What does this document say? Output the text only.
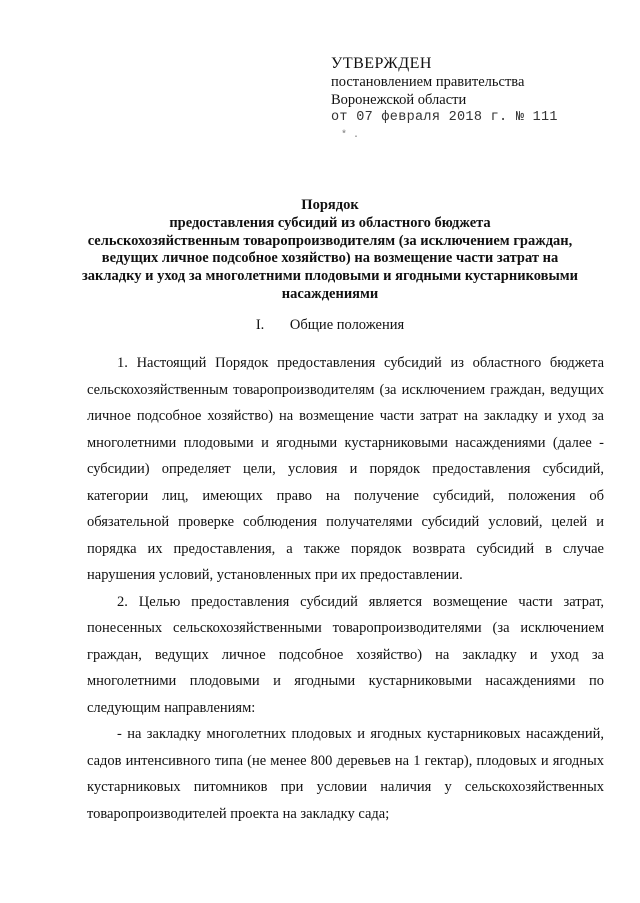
УТВЕРЖДЕН
постановлением правительства
Воронежской области
от 07 февраля 2018 г. № 111
* .
Порядок
предоставления субсидий из областного бюджета
сельскохозяйственным товаропроизводителям (за исключением граждан,
ведущих личное подсобное хозяйство) на возмещение части затрат на
закладку и уход за многолетними плодовыми и ягодными кустарниковыми
насаждениями
I. Общие положения

1. Настоящий Порядок предоставления субсидий из областного бюджета сельскохозяйственным товаропроизводителям (за исключением граждан, ведущих личное подсобное хозяйство) на возмещение части затрат на закладку и уход за многолетними плодовыми и ягодными кустарниковыми насаждениями (далее - субсидии) определяет цели, условия и порядок предоставления субсидий, категории лиц, имеющих право на получение субсидий, положения об обязательной проверке соблюдения получателями субсидий условий, целей и порядка их предоставления, а также порядок возврата субсидий в случае нарушения условий, установленных при их предоставлении.

2. Целью предоставления субсидий является возмещение части затрат, понесенных сельскохозяйственными товаропроизводителями (за исключением граждан, ведущих личное подсобное хозяйство) на закладку и уход за многолетними плодовыми и ягодными кустарниковыми насаждениями по следующим направлениям:

- на закладку многолетних плодовых и ягодных кустарниковых насаждений, садов интенсивного типа (не менее 800 деревьев на 1 гектар), плодовых и ягодных кустарниковых питомников при условии наличия у сельскохозяйственных товаропроизводителей проекта на закладку сада;
